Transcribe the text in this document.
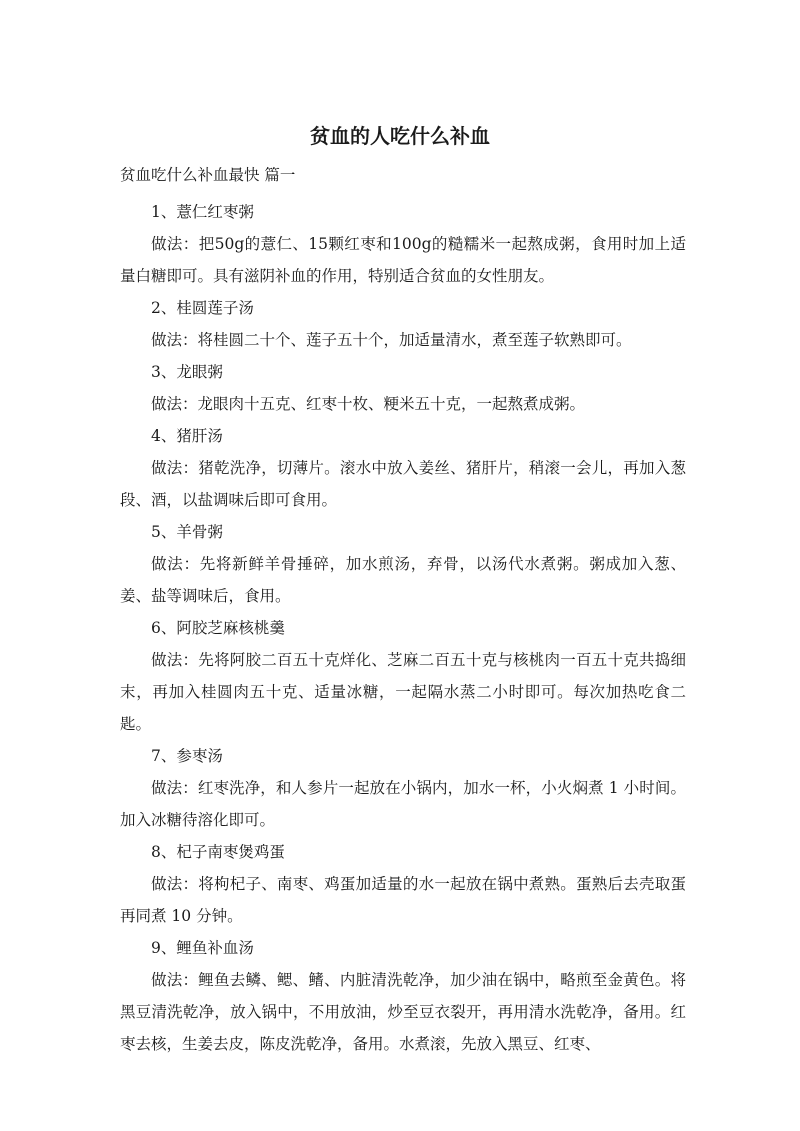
贫血的人吃什么补血
贫血吃什么补血最快 篇一
1、薏仁红枣粥

做法：把50g的薏仁、15颗红枣和100g的糙糯米一起熬成粥，食用时加上适量白糖即可。具有滋阴补血的作用，特别适合贫血的女性朋友。

2、桂圆莲子汤

做法：将桂圆二十个、莲子五十个，加适量清水，煮至莲子软熟即可。

3、龙眼粥

做法：龙眼肉十五克、红枣十枚、粳米五十克，一起熬煮成粥。

4、猪肝汤

做法：猪乾洗净，切薄片。滚水中放入姜丝、猪肝片，稍滚一会儿，再加入葱段、酒，以盐调味后即可食用。

5、羊骨粥

做法：先将新鲜羊骨捶碎，加水煎汤，弃骨，以汤代水煮粥。粥成加入葱、姜、盐等调味后，食用。

6、阿胶芝麻核桃羹

做法：先将阿胶二百五十克烊化、芝麻二百五十克与核桃肉一百五十克共捣细末，再加入桂圆肉五十克、适量冰糖，一起隔水蒸二小时即可。每次加热吃食二匙。

7、参枣汤

做法：红枣洗净，和人参片一起放在小锅内，加水一杯，小火焖煮 1 小时间。加入冰糖待溶化即可。

8、杞子南枣煲鸡蛋

做法：将枸杞子、南枣、鸡蛋加适量的水一起放在锅中煮熟。蛋熟后去壳取蛋再同煮 10 分钟。

9、鲤鱼补血汤

做法：鲤鱼去鳞、鳃、鳍、内脏清洗乾净，加少油在锅中，略煎至金黄色。将黑豆清洗乾净，放入锅中，不用放油，炒至豆衣裂开，再用清水洗乾净，备用。红枣去核，生姜去皮，陈皮洗乾净，备用。水煮滚，先放入黑豆、红枣、
